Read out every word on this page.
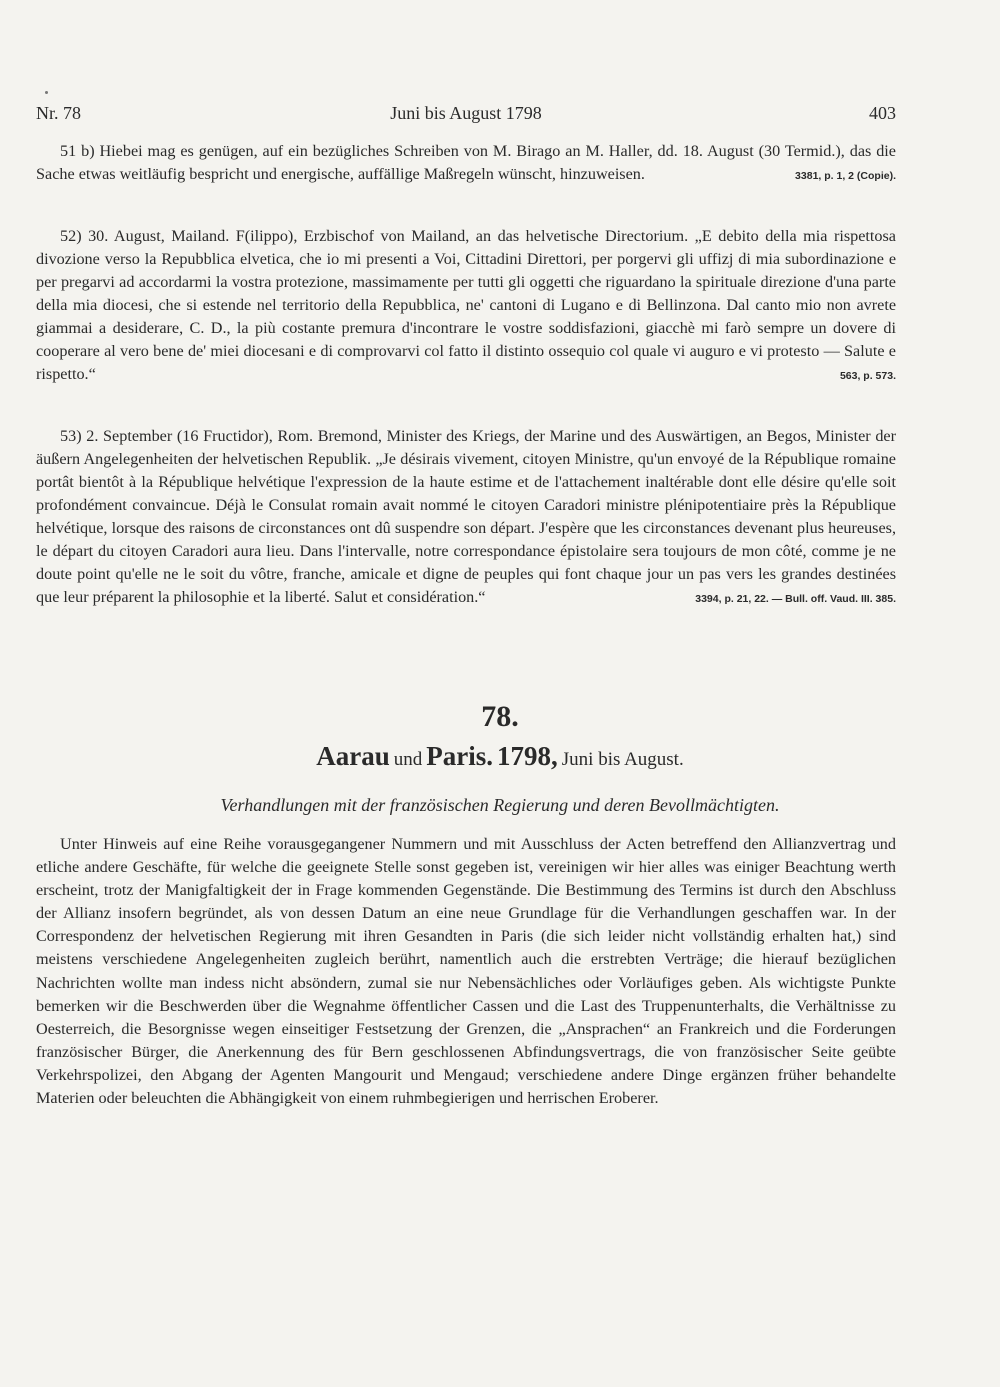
Nr. 78	Juni bis August 1798	403
51 b) Hiebei mag es genügen, auf ein bezügliches Schreiben von M. Birago an M. Haller, dd. 18. August (30 Termid.), das die Sache etwas weitläufig bespricht und energische, auffällige Maßregeln wünscht, hinzuweisen.	3381, p. 1, 2 (Copie).
52) 30. August, Mailand. F(ilippo), Erzbischof von Mailand, an das helvetische Directorium. „E debito della mia rispettosa divozione verso la Repubblica elvetica, che io mi presenti a Voi, Cittadini Direttori, per porgervi gli uffizj di mia subordinazione e per pregarvi ad accordarmi la vostra protezione, massimamente per tutti gli oggetti che riguardano la spirituale direzione d'una parte della mia diocesi, che si estende nel territorio della Repubblica, ne' cantoni di Lugano e di Bellinzona. Dal canto mio non avrete giammai a desiderare, C. D., la più costante premura d'incontrare le vostre soddisfazioni, giacchè mi farò sempre un dovere di cooperare al vero bene de' miei diocesani e di comprovarvi col fatto il distinto ossequio col quale vi auguro e vi protesto — Salute e rispetto.“	563, p. 573.
53) 2. September (16 Fructidor), Rom. Bremond, Minister des Kriegs, der Marine und des Auswärtigen, an Begos, Minister der äußern Angelegenheiten der helvetischen Republik. „Je désirais vivement, citoyen Ministre, qu'un envoyé de la République romaine portât bientôt à la République helvétique l'expression de la haute estime et de l'attachement inaltérable dont elle désire qu'elle soit profondément convaincue. Déjà le Consulat romain avait nommé le citoyen Caradori ministre plénipotentiaire près la République helvétique, lorsque des raisons de circonstances ont dû suspendre son départ. J'espère que les circonstances devenant plus heureuses, le départ du citoyen Caradori aura lieu. Dans l'intervalle, notre correspondance épistolaire sera toujours de mon côté, comme je ne doute point qu'elle ne le soit du vôtre, franche, amicale et digne de peuples qui font chaque jour un pas vers les grandes destinées que leur préparent la philosophie et la liberté. Salut et considération.“	3394, p. 21, 22. — Bull. off. Vaud. III. 385.
78.
Aarau und Paris. 1798, Juni bis August.
Verhandlungen mit der französischen Regierung und deren Bevollmächtigten.
Unter Hinweis auf eine Reihe vorausgegangener Nummern und mit Ausschluss der Acten betreffend den Allianzvertrag und etliche andere Geschäfte, für welche die geeignete Stelle sonst gegeben ist, vereinigen wir hier alles was einiger Beachtung werth erscheint, trotz der Manigfaltigkeit der in Frage kommenden Gegenstände. Die Bestimmung des Termins ist durch den Abschluss der Allianz insofern begründet, als von dessen Datum an eine neue Grundlage für die Verhandlungen geschaffen war. In der Correspondenz der helvetischen Regierung mit ihren Gesandten in Paris (die sich leider nicht vollständig erhalten hat,) sind meistens verschiedene Angelegenheiten zugleich berührt, namentlich auch die erstrebten Verträge; die hierauf bezüglichen Nachrichten wollte man indess nicht absöndern, zumal sie nur Nebensächliches oder Vorläufiges geben. Als wichtigste Punkte bemerken wir die Beschwerden über die Wegnahme öffentlicher Cassen und die Last des Truppenunterhalts, die Verhältnisse zu Oesterreich, die Besorgnisse wegen einseitiger Festsetzung der Grenzen, die „Ansprachen“ an Frankreich und die Forderungen französischer Bürger, die Anerkennung des für Bern geschlossenen Abfindungsvertrags, die von französischer Seite geübte Verkehrspolizei, den Abgang der Agenten Mangourit und Mengaud; verschiedene andere Dinge ergänzen früher behandelte Materien oder beleuchten die Abhängigkeit von einem ruhmbegierigen und herrischen Eroberer.
